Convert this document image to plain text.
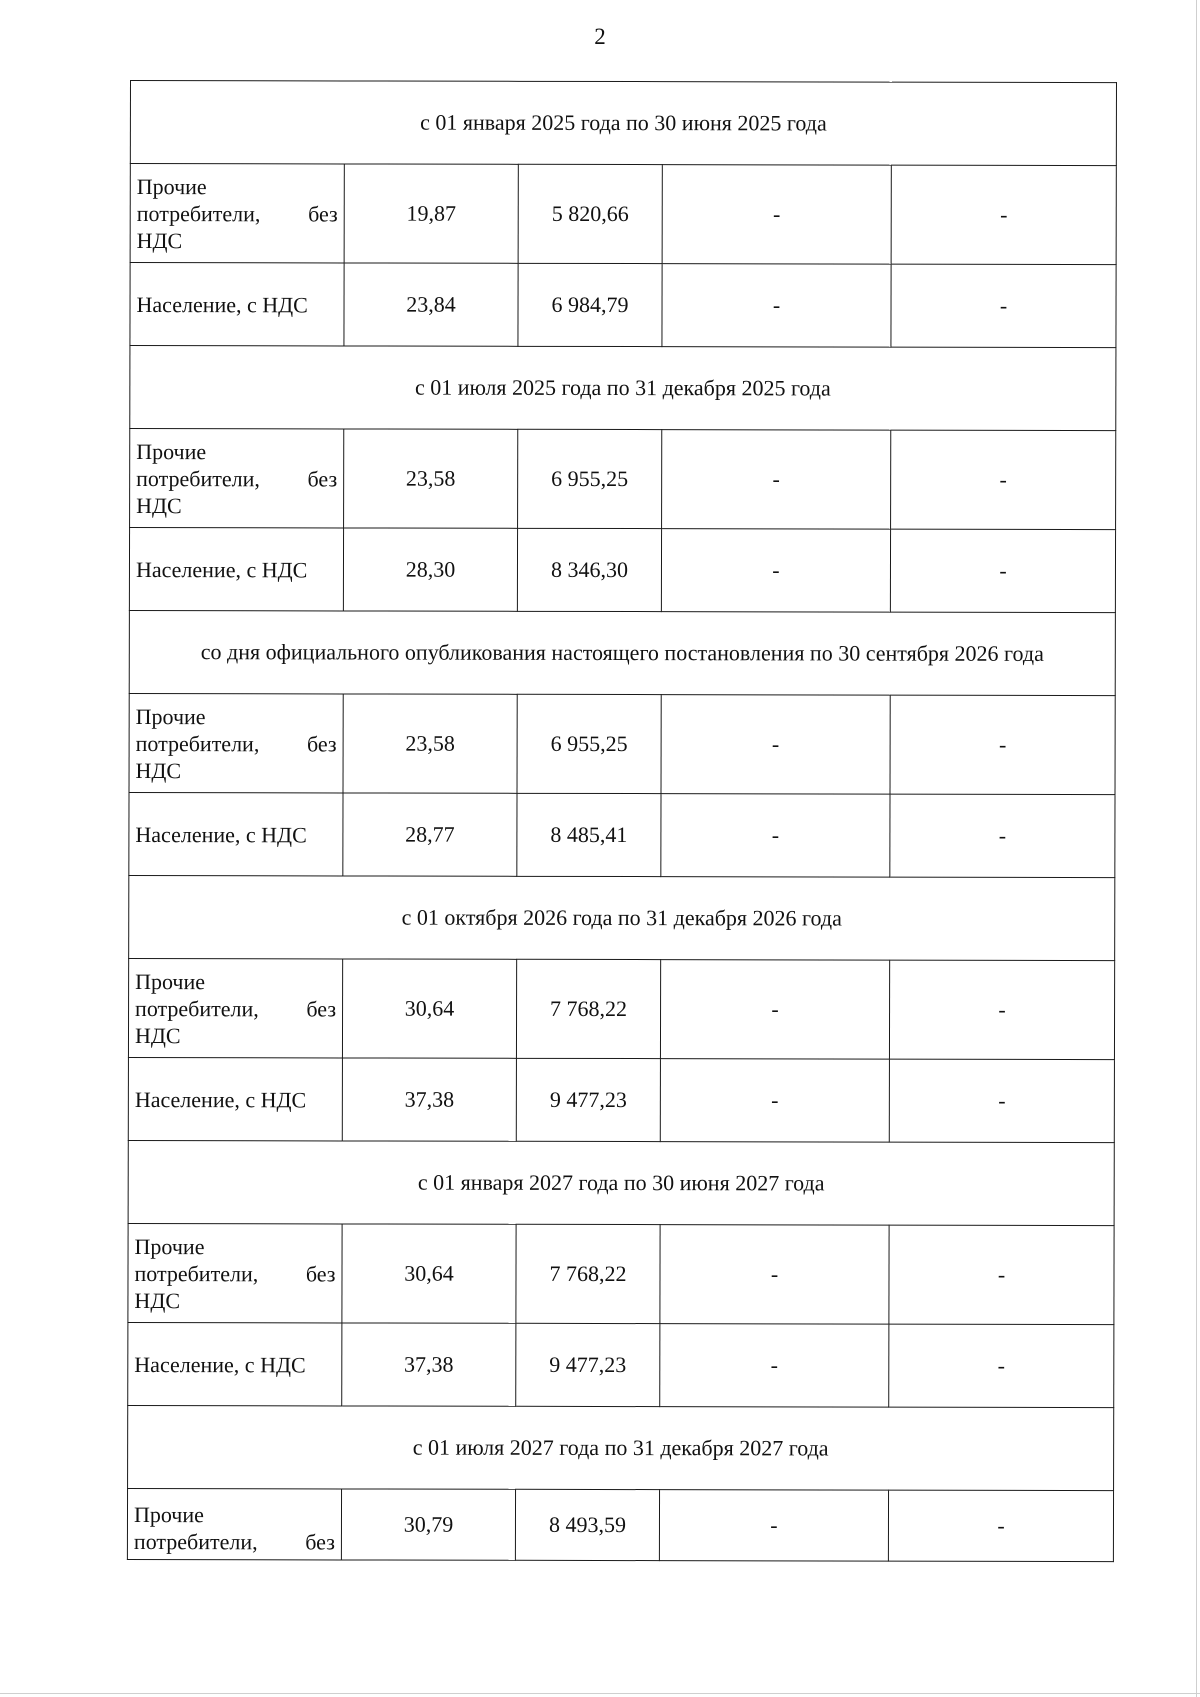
2
с 01 января 2025 года по 30 июня 2025 года				

Прочие
потребители, без
НДС	19,87	5 820,66	-	-
Население, с НДС	23,84	6 984,79	-	-
с 01 июля 2025 года по 31 декабря 2025 года				

Прочие
потребители, без
НДС	23,58	6 955,25	-	-
Население, с НДС	28,30	8 346,30	-	-
со дня официального опубликования настоящего постановления по 30 сентября 2026 года				

Прочие
потребители, без
НДС	23,58	6 955,25	-	-
Население, с НДС	28,77	8 485,41	-	-
с 01 октября 2026 года по 31 декабря 2026 года				

Прочие
потребители, без
НДС	30,64	7 768,22	-	-
Население, с НДС	37,38	9 477,23	-	-
с 01 января 2027 года по 30 июня 2027 года				

Прочие
потребители, без
НДС	30,64	7 768,22	-	-
Население, с НДС	37,38	9 477,23	-	-
с 01 июля 2027 года по 31 декабря 2027 года				

Прочие
потребители, без	30,79	8 493,59	-	-
